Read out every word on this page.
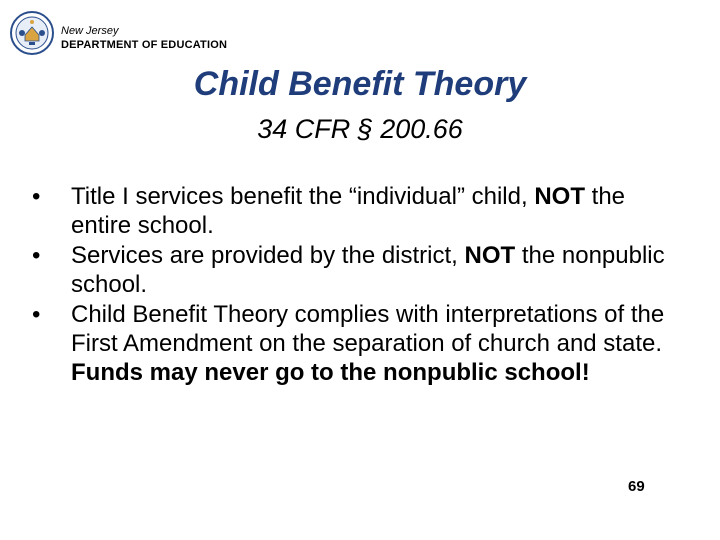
New Jersey
DEPARTMENT OF EDUCATION
Child Benefit Theory
34 CFR § 200.66
• Title I services benefit the “individual” child, NOT the entire school.
• Services are provided by the district, NOT the nonpublic school.
• Child Benefit Theory complies with interpretations of the First Amendment on the separation of church and state. Funds may never go to the nonpublic school!
69
